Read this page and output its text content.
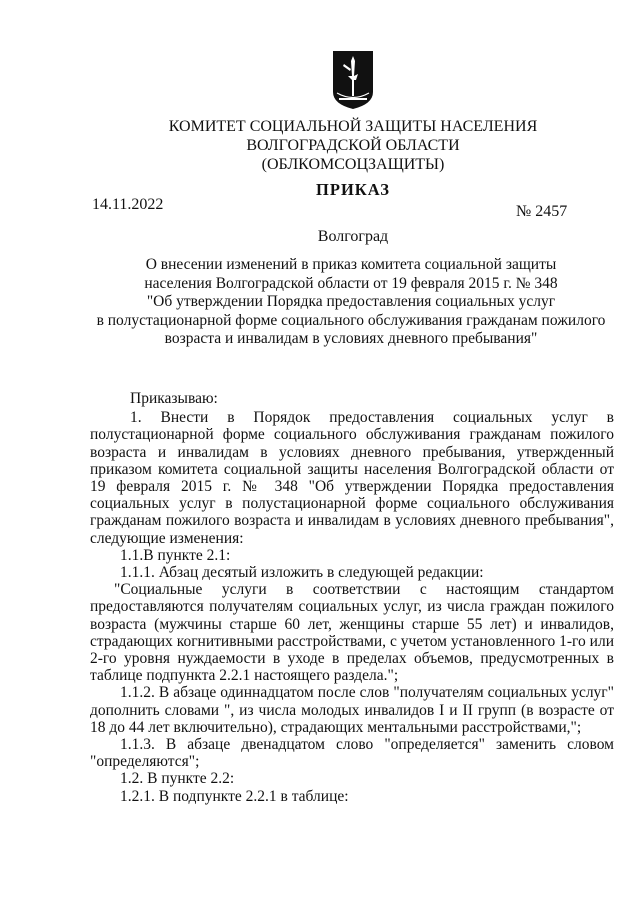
КОМИТЕТ СОЦИАЛЬНОЙ ЗАЩИТЫ НАСЕЛЕНИЯ
ВОЛГОГРАДСКОЙ ОБЛАСТИ
(ОБЛКОМСОЦЗАЩИТЫ)
ПРИКАЗ
14.11.2022	№ 2457
Волгоград
О внесении изменений в приказ комитета социальной защиты
населения Волгоградской области от 19 февраля 2015 г. № 348
"Об утверждении Порядка предоставления социальных услуг
в полустационарной форме социального обслуживания гражданам пожилого
возраста и инвалидам в условиях дневного пребывания"

Приказываю:

1. Внести в Порядок предоставления социальных услуг в полустационарной форме социального обслуживания гражданам пожилого возраста и инвалидам в условиях дневного пребывания, утвержденный приказом комитета социальной защиты населения Волгоградской области от 19 февраля 2015 г. № 348 "Об утверждении Порядка предоставления социальных услуг в полустационарной форме социального обслуживания гражданам пожилого возраста и инвалидам в условиях дневного пребывания", следующие изменения:

1.1.В пункте 2.1:

1.1.1. Абзац десятый изложить в следующей редакции:

"Социальные услуги в соответствии с настоящим стандартом предоставляются получателям социальных услуг, из числа граждан пожилого возраста (мужчины старше 60 лет, женщины старше 55 лет) и инвалидов, страдающих когнитивными расстройствами, с учетом установленного 1-го или 2-го уровня нуждаемости в уходе в пределах объемов, предусмотренных в таблице подпункта 2.2.1 настоящего раздела.";

1.1.2. В абзаце одиннадцатом после слов "получателям социальных услуг" дополнить словами ", из числа молодых инвалидов I и II групп (в возрасте от 18 до 44 лет включительно), страдающих ментальными расстройствами,";

1.1.3. В абзаце двенадцатом слово "определяется" заменить словом "определяются";

1.2. В пункте 2.2:

1.2.1. В подпункте 2.2.1 в таблице:
